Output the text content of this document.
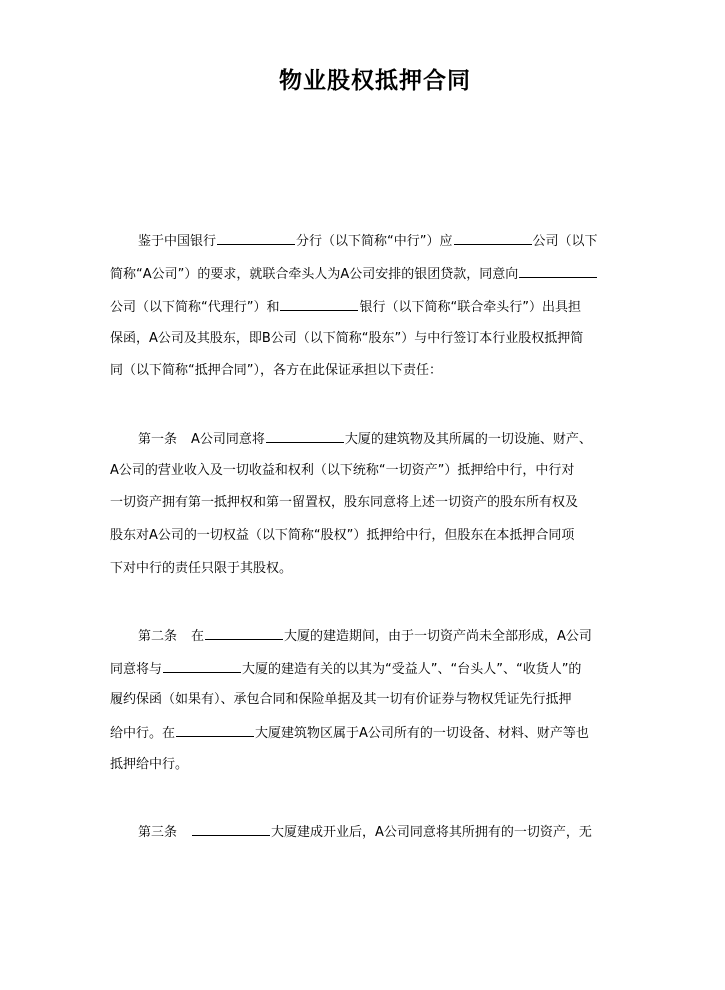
物业股权抵押合同
鉴于中国银行	分行（以下简称“中行”）应	公司（以下
简称“A公司”）的要求，就联合牵头人为A公司安排的银团贷款，同意向
公司（以下简称“代理行”）和	银行（以下简称“联合牵头行”）出具担
保函，A公司及其股东，即B公司（以下简称“股东”）与中行签订本行业股权抵押简
同（以下简称“抵押合同”），各方在此保证承担以下责任：
第一条 A公司同意将	大厦的建筑物及其所属的一切设施、财产、
A公司的营业收入及一切收益和权利（以下统称“一切资产”）抵押给中行，中行对
一切资产拥有第一抵押权和第一留置权，股东同意将上述一切资产的股东所有权及
股东对A公司的一切权益（以下简称“股权”）抵押给中行，但股东在本抵押合同项
下对中行的责任只限于其股权。
第二条 在	大厦的建造期间，由于一切资产尚未全部形成，A公司
同意将与	大厦的建造有关的以其为“受益人”、“台头人”、“收货人”的
履约保函（如果有）、承包合同和保险单据及其一切有价证券与物权凭证先行抵押
给中行。在	大厦建筑物区属于A公司所有的一切设备、材料、财产等也
抵押给中行。
第三条	大厦建成开业后，A公司同意将其所拥有的一切资产，无
